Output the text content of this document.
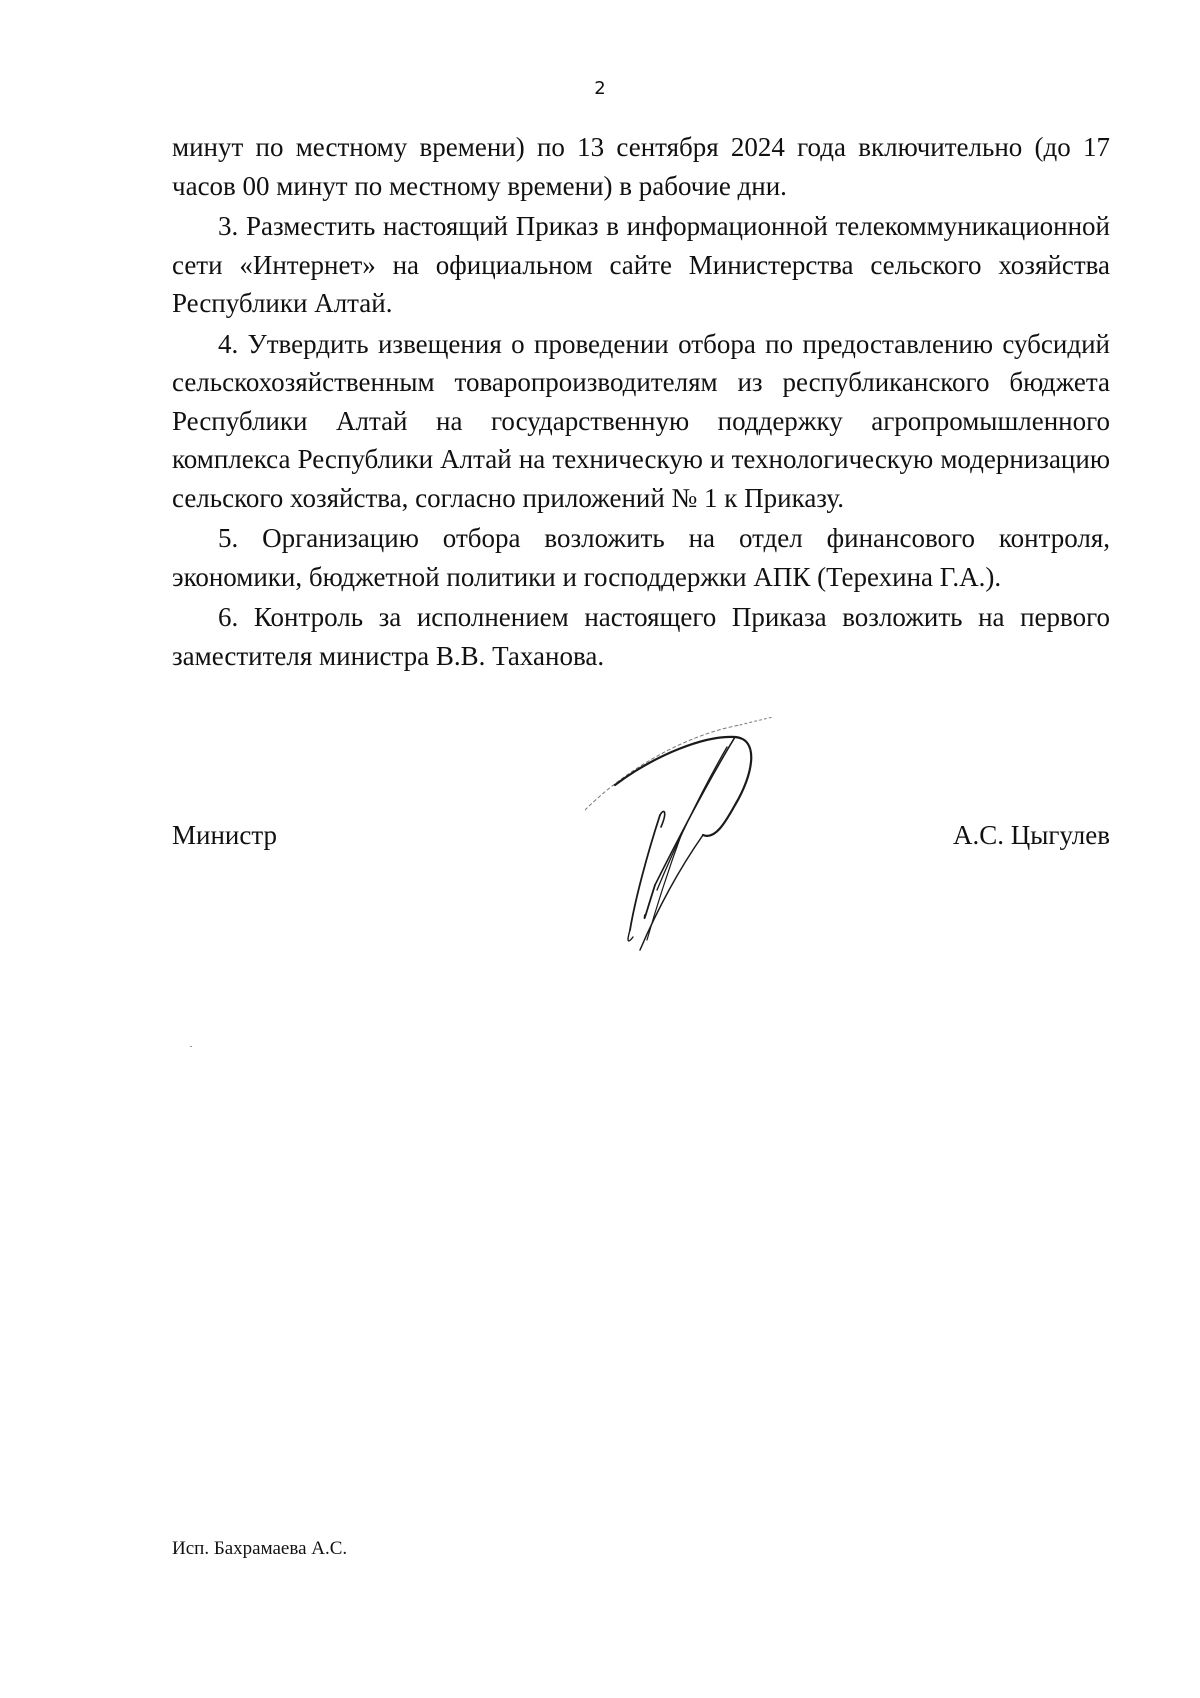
2

минут по местному времени) по 13 сентября 2024 года включительно (до 17 часов 00 минут по местному времени) в рабочие дни.

3. Разместить настоящий Приказ в информационной телекоммуникационной сети «Интернет» на официальном сайте Министерства сельского хозяйства Республики Алтай.

4. Утвердить извещения о проведении отбора по предоставлению субсидий сельскохозяйственным товаропроизводителям из республиканского бюджета Республики Алтай на государственную поддержку агропромышленного комплекса Республики Алтай на техническую и технологическую модернизацию сельского хозяйства, согласно приложений № 1 к Приказу.

5. Организацию отбора возложить на отдел финансового контроля, экономики, бюджетной политики и господдержки АПК (Терехина Г.А.).

6. Контроль за исполнением настоящего Приказа возложить на первого заместителя министра В.В. Таханова.

Министр	А.С. Цыгулев
Исп. Бахрамаева А.С.
